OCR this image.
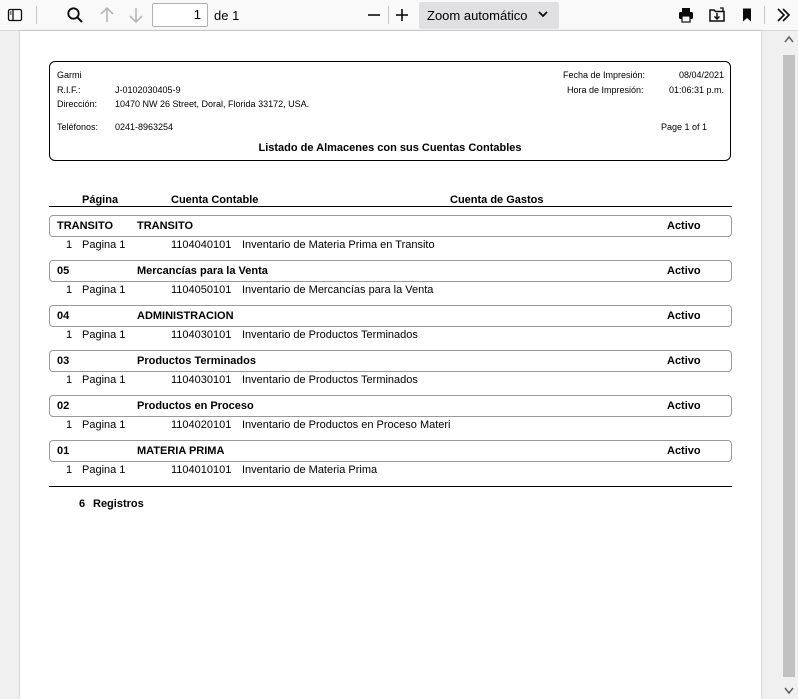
1	de 1	Zoom automático
Garmi
R.I.F.:	J-0102030405-9
Dirección: 10470 NW 26 Street, Doral, Florida 33172, USA.
Teléfonos: 0241-8963254
Fecha de Impresión:	08/04/2021
Hora de Impresión:	01:06:31 p.m.
Page 1 of 1
Listado de Almacenes con sus Cuentas Contables
Página	Cuenta Contable	Cuenta de Gastos
TRANSITO TRANSITO	Activo
1 Pagina 1	1104040101 Inventario de Materia Prima en Transito
05	Mercancías para la Venta	Activo
1 Pagina 1	1104050101 Inventario de Mercancías para la Venta
04	ADMINISTRACION	Activo
1 Pagina 1	1104030101 Inventario de Productos Terminados
03	Productos Terminados	Activo
1 Pagina 1	1104030101 Inventario de Productos Terminados
02	Productos en Proceso	Activo
1 Pagina 1	1104020101 Inventario de Productos en Proceso Materi
01	MATERIA PRIMA	Activo
1 Pagina 1	1104010101 Inventario de Materia Prima
6 Registros
